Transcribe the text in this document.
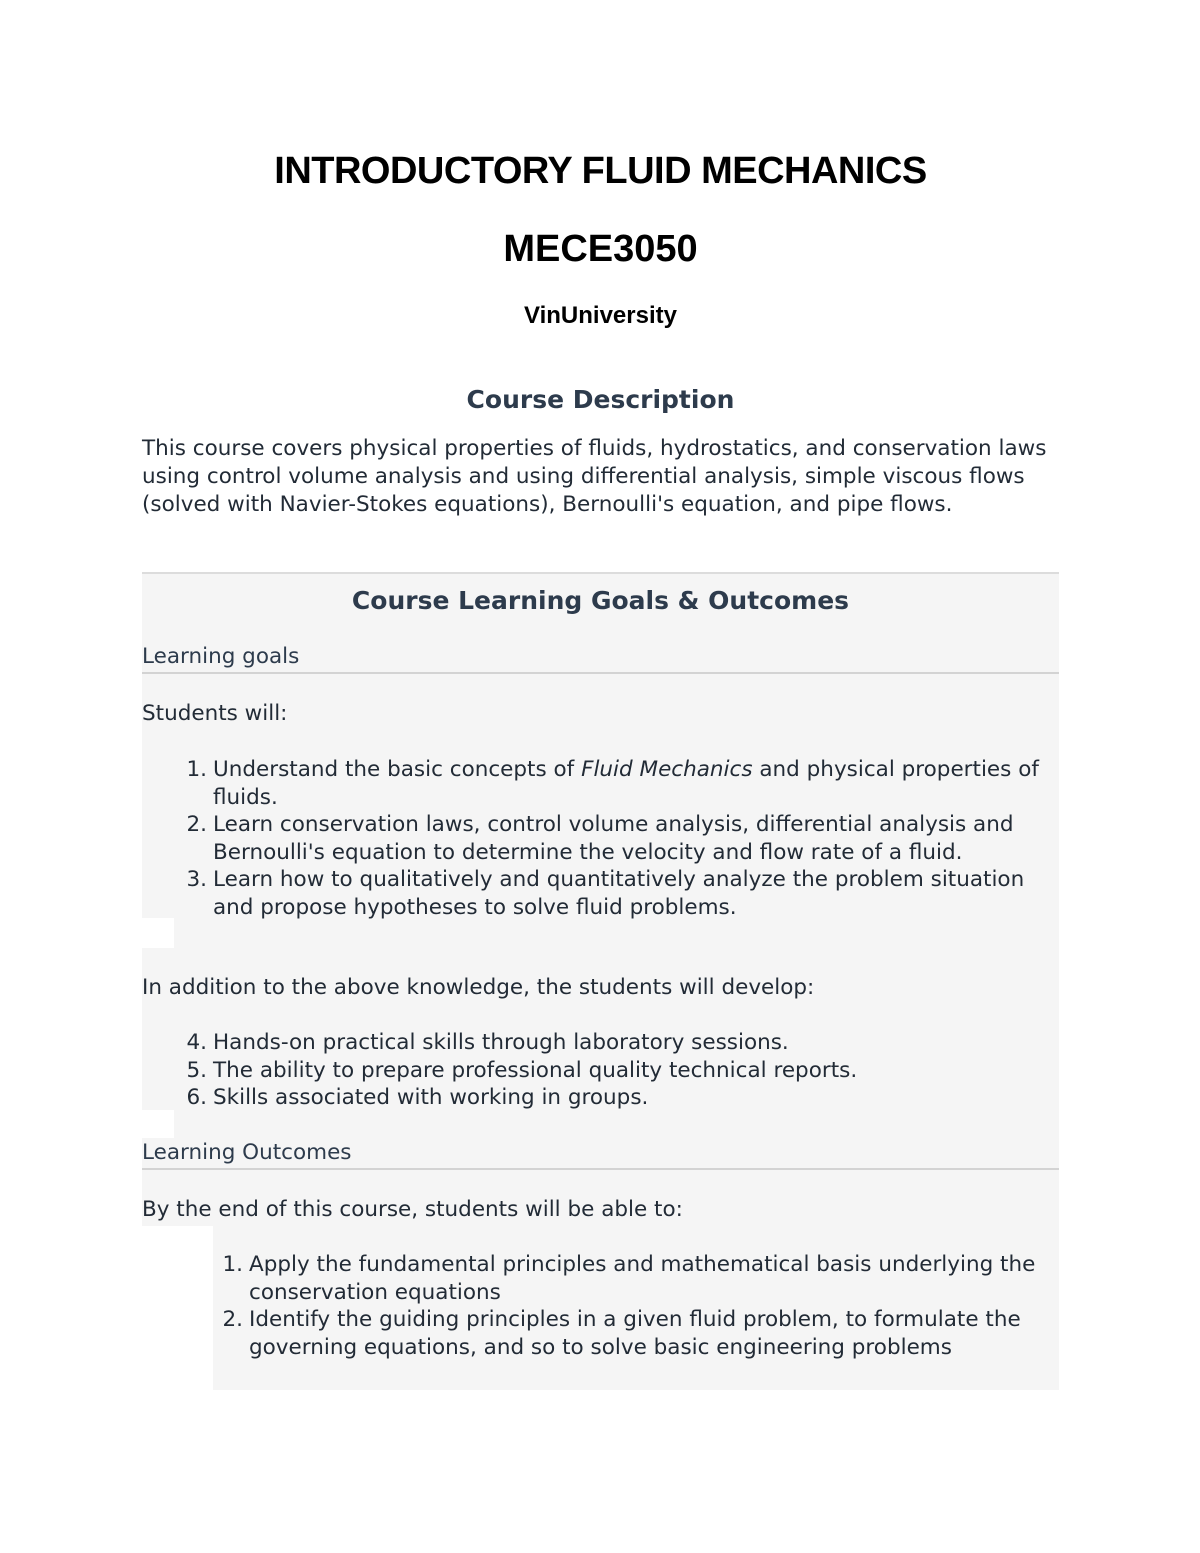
INTRODUCTORY FLUID MECHANICS
MECE3050
VinUniversity
Course Description

This course covers physical properties of fluids, hydrostatics, and conservation laws using control volume analysis and using differential analysis, simple viscous flows (solved with Navier-Stokes equations), Bernoulli's equation, and pipe flows.

Course Learning Goals & Outcomes

Learning goals

Students will:

1. Understand the basic concepts of Fluid Mechanics and physical properties of fluids.
2. Learn conservation laws, control volume analysis, differential analysis and Bernoulli's equation to determine the velocity and flow rate of a fluid.
3. Learn how to qualitatively and quantitatively analyze the problem situation and propose hypotheses to solve fluid problems.

In addition to the above knowledge, the students will develop:

4. Hands-on practical skills through laboratory sessions.
5. The ability to prepare professional quality technical reports.
6. Skills associated with working in groups.

Learning Outcomes

By the end of this course, students will be able to:

1. Apply the fundamental principles and mathematical basis underlying the conservation equations
2. Identify the guiding principles in a given fluid problem, to formulate the governing equations, and so to solve basic engineering problems
